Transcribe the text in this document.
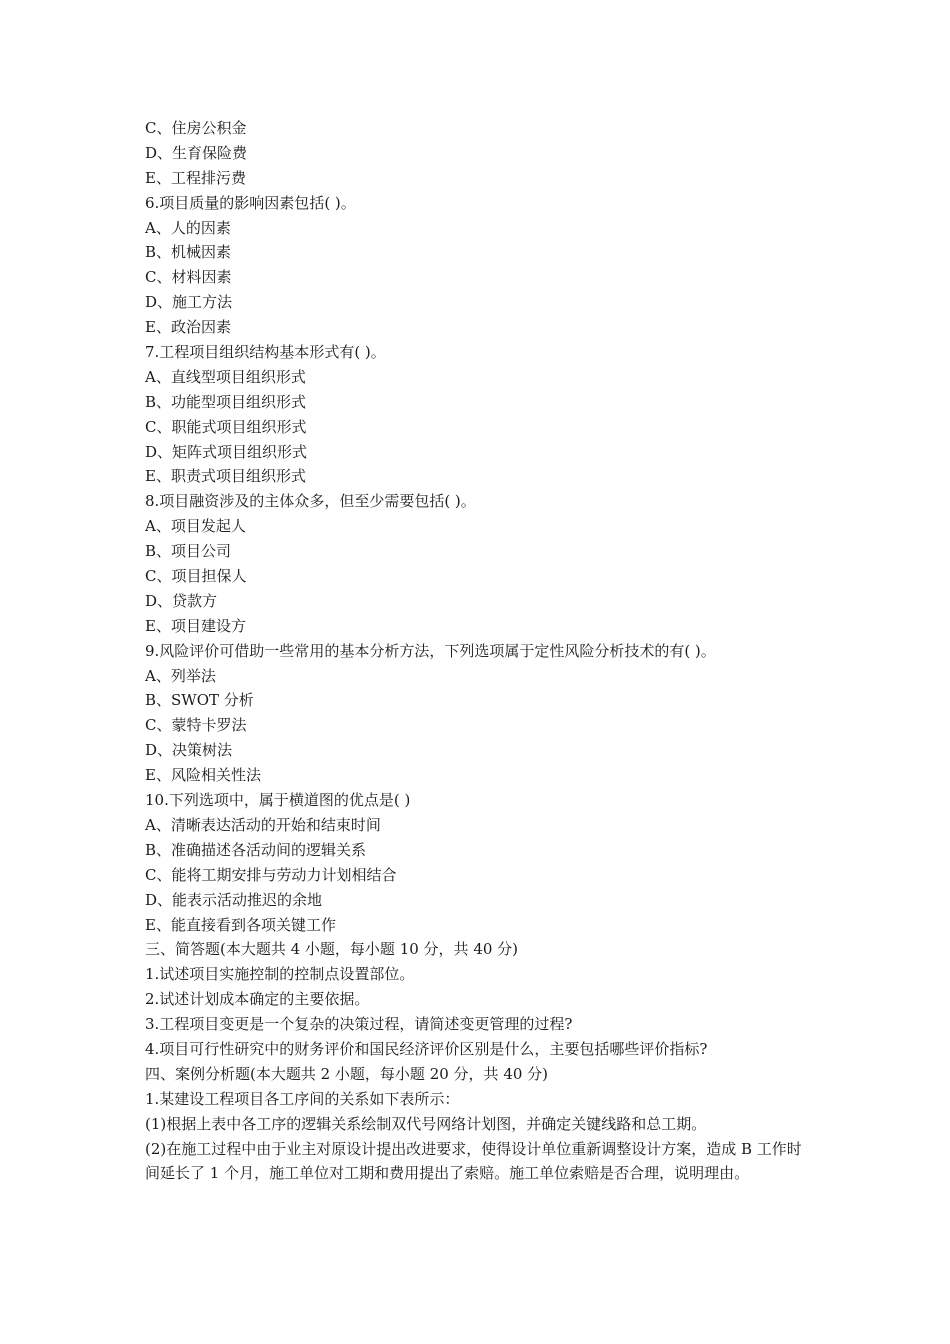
C、住房公积金
D、生育保险费
E、工程排污费
6.项目质量的影响因素包括( )。
A、人的因素
B、机械因素
C、材料因素
D、施工方法
E、政治因素
7.工程项目组织结构基本形式有( )。
A、直线型项目组织形式
B、功能型项目组织形式
C、职能式项目组织形式
D、矩阵式项目组织形式
E、职责式项目组织形式
8.项目融资涉及的主体众多，但至少需要包括( )。
A、项目发起人
B、项目公司
C、项目担保人
D、贷款方
E、项目建设方
9.风险评价可借助一些常用的基本分析方法，下列选项属于定性风险分析技术的有( )。
A、列举法
B、SWOT 分析
C、蒙特卡罗法
D、决策树法
E、风险相关性法
10.下列选项中，属于横道图的优点是( )
A、清晰表达活动的开始和结束时间
B、准确描述各活动间的逻辑关系
C、能将工期安排与劳动力计划相结合
D、能表示活动推迟的余地
E、能直接看到各项关键工作
三、简答题(本大题共 4 小题，每小题 10 分，共 40 分)
1.试述项目实施控制的控制点设置部位。
2.试述计划成本确定的主要依据。
3.工程项目变更是一个复杂的决策过程，请简述变更管理的过程?
4.项目可行性研究中的财务评价和国民经济评价区别是什么，主要包括哪些评价指标?
四、案例分析题(本大题共 2 小题，每小题 20 分，共 40 分)
1.某建设工程项目各工序间的关系如下表所示：
(1)根据上表中各工序的逻辑关系绘制双代号网络计划图，并确定关键线路和总工期。
(2)在施工过程中由于业主对原设计提出改进要求，使得设计单位重新调整设计方案，造成 B 工作时间延长了 1 个月，施工单位对工期和费用提出了索赔。施工单位索赔是否合理，说明理由。
